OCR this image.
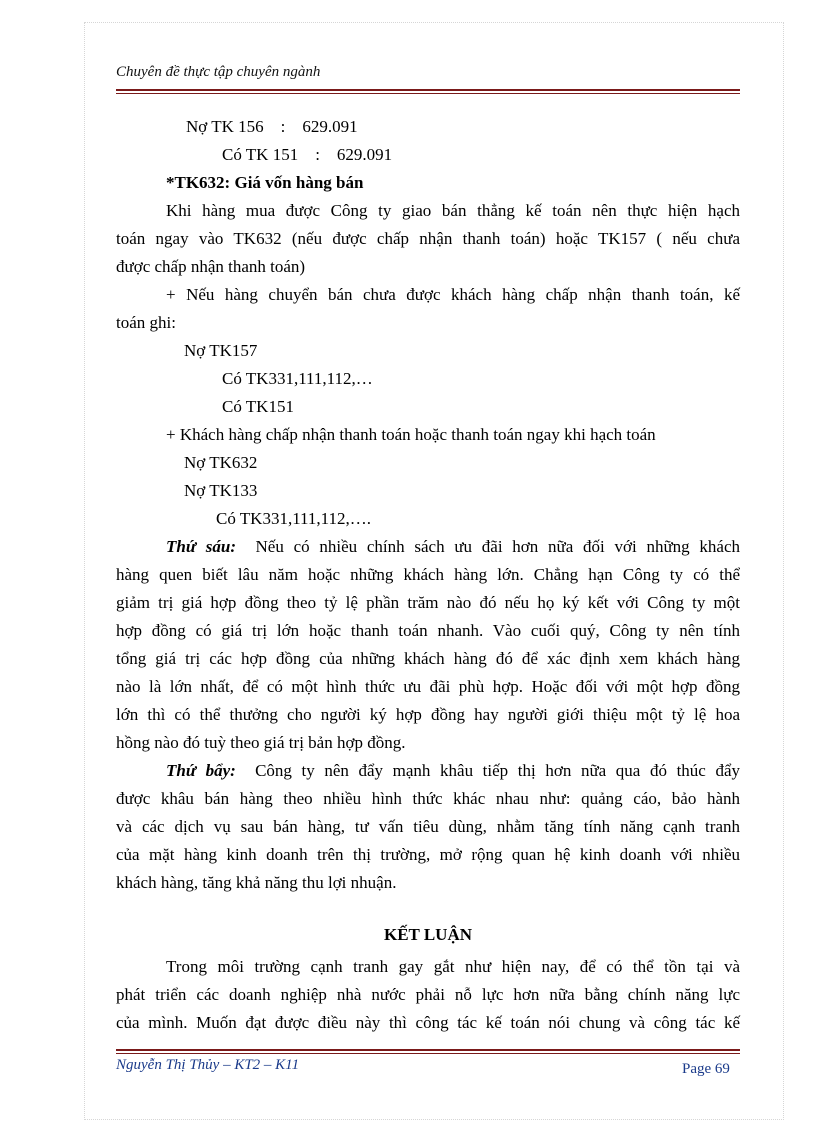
Chuyên đề thực tập chuyên ngành
Nợ TK 156    :    629.091
Có TK 151    :    629.091
*TK632: Giá vốn hàng bán
Khi hàng mua được Công ty giao bán thẳng kế toán nên thực hiện hạch
toán ngay vào TK632 (nếu được chấp nhận thanh toán) hoặc TK157 ( nếu chưa
được chấp nhận thanh toán)
+ Nếu hàng chuyển bán chưa được khách hàng chấp nhận thanh toán, kế
toán ghi:
Nợ TK157
Có TK331,111,112,…
Có TK151
+ Khách hàng chấp nhận thanh toán hoặc thanh toán ngay khi hạch toán
Nợ TK632
Nợ TK133
Có TK331,111,112,….
Thứ sáu: Nếu có nhiều chính sách ưu đãi hơn nữa đối với những khách
hàng quen biết lâu năm hoặc những khách hàng lớn. Chẳng hạn Công ty có thể
giảm trị giá hợp đồng theo tỷ lệ phần trăm nào đó nếu họ ký kết với Công ty một
hợp đồng có giá trị lớn hoặc thanh toán nhanh. Vào cuối quý, Công ty nên tính
tổng giá trị các hợp đồng của những khách hàng đó để xác định xem khách hàng
nào là lớn nhất, để có một hình thức ưu đãi phù hợp. Hoặc đối với một hợp đồng
lớn thì có thể thưởng cho người ký hợp đồng hay người giới thiệu một tỷ lệ hoa
hồng nào đó tuỳ theo giá trị bản hợp đồng.
Thứ bẩy: Công ty nên đẩy mạnh khâu tiếp thị hơn nữa qua đó thúc đẩy
được khâu bán hàng theo nhiều hình thức khác nhau như: quảng cáo, bảo hành
và các dịch vụ sau bán hàng, tư vấn tiêu dùng, nhằm tăng tính năng cạnh tranh
của mặt hàng kinh doanh trên thị trường, mở rộng quan hệ kinh doanh với nhiều
khách hàng, tăng khả năng thu lợi nhuận.
KẾT LUẬN
Trong môi trường cạnh tranh gay gắt như hiện nay, để có thể tồn tại và
phát triển các doanh nghiệp nhà nước phải nỗ lực hơn nữa bằng chính năng lực
của mình. Muốn đạt được điều này thì công tác kế toán nói chung và công tác kế
Nguyễn Thị Thủy – KT2 – K11	Page 69
